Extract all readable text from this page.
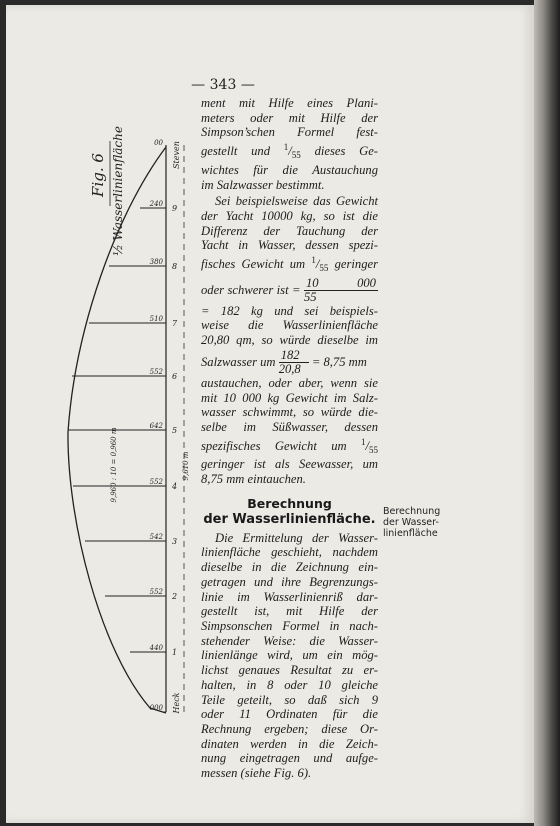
— 343 —
Fig. 6 ½ Wasserlinienfläche	00
240
380
510
552
642
552
542
552
440
000
9
8
7
6
5
4
3
2
1
Steven
Heck
9,610 m
9,960 : 10 = 0,960 m

ment mit Hilfe eines Plani-
meters oder mit Hilfe der
Simpson’schen Formel fest-
gestellt und $^1/_{55}$ dieses Ge-
wichtes für die Austauchung
im Salzwasser bestimmt.

Sei beispielsweise das Gewicht
der Yacht 10000 kg, so ist die
Differenz der Tauchung der
Yacht in Wasser, dessen spezi-
fisches Gewicht um $^1/_{55}$ geringer
oder schwerer ist = $\frac{10 000}{55}$
= 182 kg und sei beispiels-
weise die Wasserlinienfläche
20,80 qm, so würde dieselbe im
Salzwasser um $\frac{182}{20,8} = 8,75$ mm
austauchen, oder aber, wenn sie
mit 10 000 kg Gewicht im Salz-
wasser schwimmt, so würde die-
selbe im Süßwasser, dessen
spezifisches Gewicht um $^1/_{55}$
geringer ist als Seewasser, um
8,75 mm eintauchen.

Berechnung
der Wasserlinienfläche.

Die Ermittelung der Wasser-
linienfläche geschieht, nachdem
dieselbe in die Zeichnung ein-
getragen und ihre Begrenzungs-
linie im Wasserlinienriß dar-
gestellt ist, mit Hilfe der
Simpsonschen Formel in nach-
stehender Weise: die Wasser-
linienlänge wird, um ein mög-
lichst genaues Resultat zu er-
halten, in 8 oder 10 gleiche
Teile geteilt, so daß sich 9
oder 11 Ordinaten für die
Rechnung ergeben; diese Or-
dinaten werden in die Zeich-
nung eingetragen und aufge-
messen (siehe Fig. 6).

Berechnung
der Wasser-
linienfläche
